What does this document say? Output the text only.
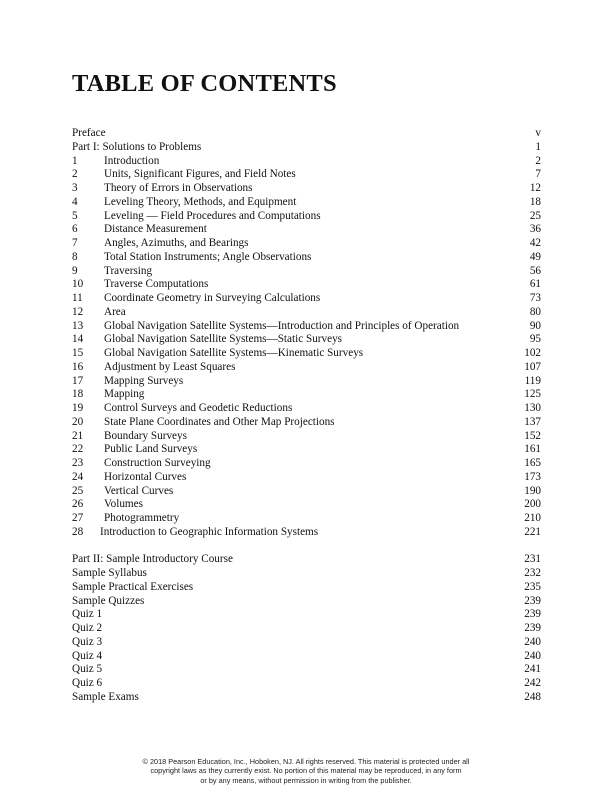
TABLE OF CONTENTS
Preface	v
Part I: Solutions to Problems	1
1 Introduction	2
2 Units, Significant Figures, and Field Notes	7
3 Theory of Errors in Observations	12
4 Leveling Theory, Methods, and Equipment	18
5 Leveling — Field Procedures and Computations	25
6 Distance Measurement	36
7 Angles, Azimuths, and Bearings	42
8 Total Station Instruments; Angle Observations	49
9 Traversing	56
10 Traverse Computations	61
11 Coordinate Geometry in Surveying Calculations	73
12 Area	80
13 Global Navigation Satellite Systems—Introduction and Principles of Operation	90
14 Global Navigation Satellite Systems—Static Surveys	95
15 Global Navigation Satellite Systems—Kinematic Surveys	102
16 Adjustment by Least Squares	107
17 Mapping Surveys	119
18 Mapping	125
19 Control Surveys and Geodetic Reductions	130
20 State Plane Coordinates and Other Map Projections	137
21 Boundary Surveys	152
22 Public Land Surveys	161
23 Construction Surveying	165
24 Horizontal Curves	173
25 Vertical Curves	190
26 Volumes	200
27 Photogrammetry	210
28 Introduction to Geographic Information Systems	221
Part II: Sample Introductory Course	231
Sample Syllabus	232
Sample Practical Exercises	235
Sample Quizzes	239
Quiz 1	239
Quiz 2	239
Quiz 3	240
Quiz 4	240
Quiz 5	241
Quiz 6	242
Sample Exams	248
© 2018 Pearson Education, Inc., Hoboken, NJ. All rights reserved. This material is protected under all
copyright laws as they currently exist. No portion of this material may be reproduced, in any form
or by any means, without permission in writing from the publisher.
